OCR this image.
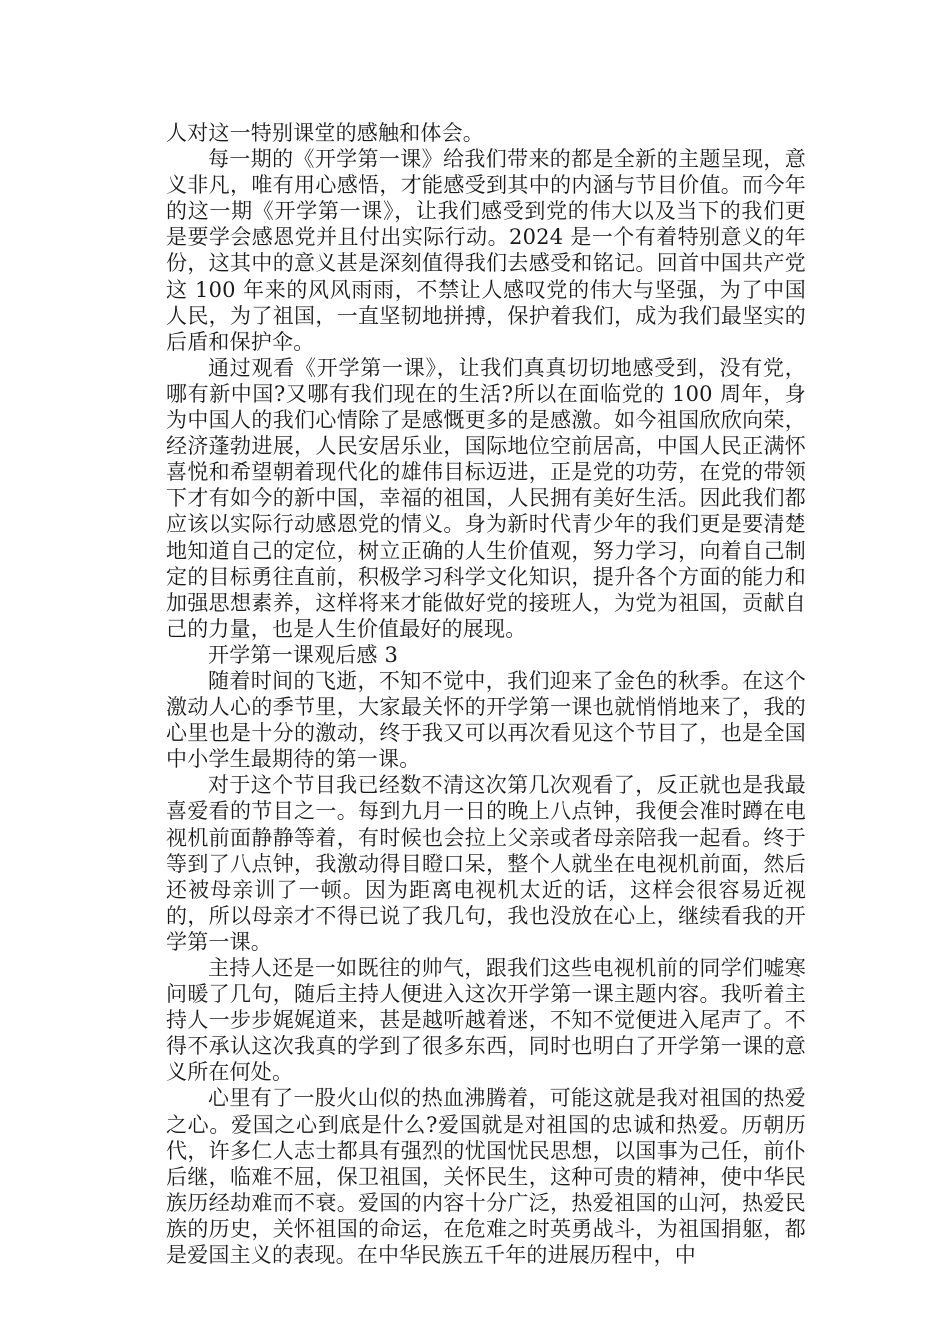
人对这一特别课堂的感触和体会。

每一期的《开学第一课》给我们带来的都是全新的主题呈现，意义非凡，唯有用心感悟，才能感受到其中的内涵与节目价值。而今年的这一期《开学第一课》，让我们感受到党的伟大以及当下的我们更是要学会感恩党并且付出实际行动。2024 是一个有着特别意义的年份，这其中的意义甚是深刻值得我们去感受和铭记。回首中国共产党这 100 年来的风风雨雨，不禁让人感叹党的伟大与坚强，为了中国人民，为了祖国，一直坚韧地拼搏，保护着我们，成为我们最坚实的后盾和保护伞。

通过观看《开学第一课》，让我们真真切切地感受到，没有党，哪有新中国?又哪有我们现在的生活?所以在面临党的 100 周年，身为中国人的我们心情除了是感慨更多的是感激。如今祖国欣欣向荣，经济蓬勃进展，人民安居乐业，国际地位空前居高，中国人民正满怀喜悦和希望朝着现代化的雄伟目标迈进，正是党的功劳，在党的带领下才有如今的新中国，幸福的祖国，人民拥有美好生活。因此我们都应该以实际行动感恩党的情义。身为新时代青少年的我们更是要清楚地知道自己的定位，树立正确的人生价值观，努力学习，向着自己制定的目标勇往直前，积极学习科学文化知识，提升各个方面的能力和加强思想素养，这样将来才能做好党的接班人，为党为祖国，贡献自己的力量，也是人生价值最好的展现。

开学第一课观后感 3

随着时间的飞逝，不知不觉中，我们迎来了金色的秋季。在这个激动人心的季节里，大家最关怀的开学第一课也就悄悄地来了，我的心里也是十分的激动，终于我又可以再次看见这个节目了，也是全国中小学生最期待的第一课。

对于这个节目我已经数不清这次第几次观看了，反正就也是我最喜爱看的节目之一。每到九月一日的晚上八点钟，我便会准时蹲在电视机前面静静等着，有时候也会拉上父亲或者母亲陪我一起看。终于等到了八点钟，我激动得目瞪口呆，整个人就坐在电视机前面，然后还被母亲训了一顿。因为距离电视机太近的话，这样会很容易近视的，所以母亲才不得已说了我几句，我也没放在心上，继续看我的开学第一课。

主持人还是一如既往的帅气，跟我们这些电视机前的同学们嘘寒问暖了几句，随后主持人便进入这次开学第一课主题内容。我听着主持人一步步娓娓道来，甚是越听越着迷，不知不觉便进入尾声了。不得不承认这次我真的学到了很多东西，同时也明白了开学第一课的意义所在何处。

心里有了一股火山似的热血沸腾着，可能这就是我对祖国的热爱之心。爱国之心到底是什么?爱国就是对祖国的忠诚和热爱。历朝历代，许多仁人志士都具有强烈的忧国忧民思想，以国事为己任，前仆后继，临难不屈，保卫祖国，关怀民生，这种可贵的精神，使中华民族历经劫难而不衰。爱国的内容十分广泛，热爱祖国的山河，热爱民族的历史，关怀祖国的命运，在危难之时英勇战斗，为祖国捐躯，都是爱国主义的表现。在中华民族五千年的进展历程中，中
